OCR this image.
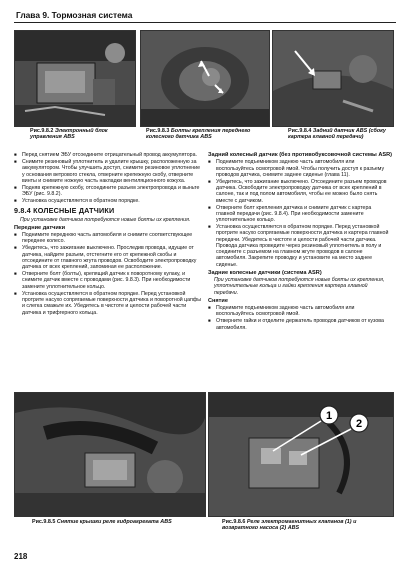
Глава 9. Тормозная система
Рис.9.8.2 Электронный блок управления ABS
Рис.9.8.3 Болты крепления переднего колесного датчика ABS
Рис.9.8.4 Задний датчик ABS (сбоку картера главной передачи)
■ Перед снятием ЭБУ отсоедините отрицательный провод аккумулятора.
■ Снимите резиновый уплотнитель и удалите крышку, расположенную за аккумулятором. Чтобы улучшить доступ, снимите резиновое уплотнение у основания ветрового стекла, отверните крепежную скобу, отверните винты и снимите ножную часть накладки вентиляционного кожуха.
■ Подняв крепежную скобу, отсоедините разъем электропровода и выньте ЭБУ (рис. 9.8.2).
■ Установка осуществляется в обратном порядке.
9.8.4 КОЛЕСНЫЕ ДАТЧИКИ
При установке датчиков потребуются новые болты их крепления.
Передние датчики
■ Поднимите переднюю часть автомобиля и снимите соответствующее переднее колесо.
■ Убедитесь, что зажигание выключено. Проследив провода, идущие от датчика, найдите разъем, отстегните его от крепежной скобы и отсоедините от главного жгута проводов. Освободите электропроводку датчика от всех креплений, запоминая ее расположение.
■ Отверните болт (болты), крепящий датчик к поворотному кулаку, и снимите датчик вместе с проводами (рис. 9.8.3). При необходимости замените уплотнительное кольцо.
■ Установка осуществляется в обратном порядке. Перед установкой протрите насухо сопрягаемые поверхности датчика и поворотной цапфы и слегка смажьте их. Убедитесь в чистоте и целости рабочей части датчика и трифгерного кольца.
Задний колесный датчик (без противобуксовочной системы ASR)
■ Поднимите подъемником заднюю часть автомобиля или воспользуйтесь осмотровой ямой. Чтобы получить доступ к разъему проводов датчика, снимите заднее сиденье (глава 11).
■ Убедитесь, что зажигание выключено. Отсоедините разъем проводов датчика. Освободите электропроводку датчика от всех креплений в салоне, так и под полом автомобиля, чтобы ее можно было снять вместе с датчиком.
■ Отверните болт крепления датчика и снимите датчик с картера главной передачи (рис. 9.8.4). При необходимости замените уплотнительное кольцо.
■ Установка осуществляется в обратном порядке. Перед установкой протрите насухо сопрягаемые поверхности датчика и картера главной передачи. Убедитесь в чистоте и целости рабочей части датчика. Провода датчика проведите через резиновый уплотнитель в полу и соедините с разъемом на главном жгуте проводов в салоне автомобиля. Закрепите проводку и установите на место заднее сиденье.
Задние колесные датчики (система ASR)
При установке датчиков потребуются новые болты их крепления, уплотнительные кольца и гайки крепления картера главной передачи.
Снятие
■ Поднимите подъемником заднюю часть автомобиля или воспользуйтесь осмотровой ямой.
■ Отверните гайки и отделите держатель проводов датчиков от кузова автомобиля.
Рис.9.8.5 Снятие крышки реле гидроагрегата ABS
1
2
Рис.9.8.6 Реле электромагнитных клапанов (1) и возвратного насоса (2) ABS
218
